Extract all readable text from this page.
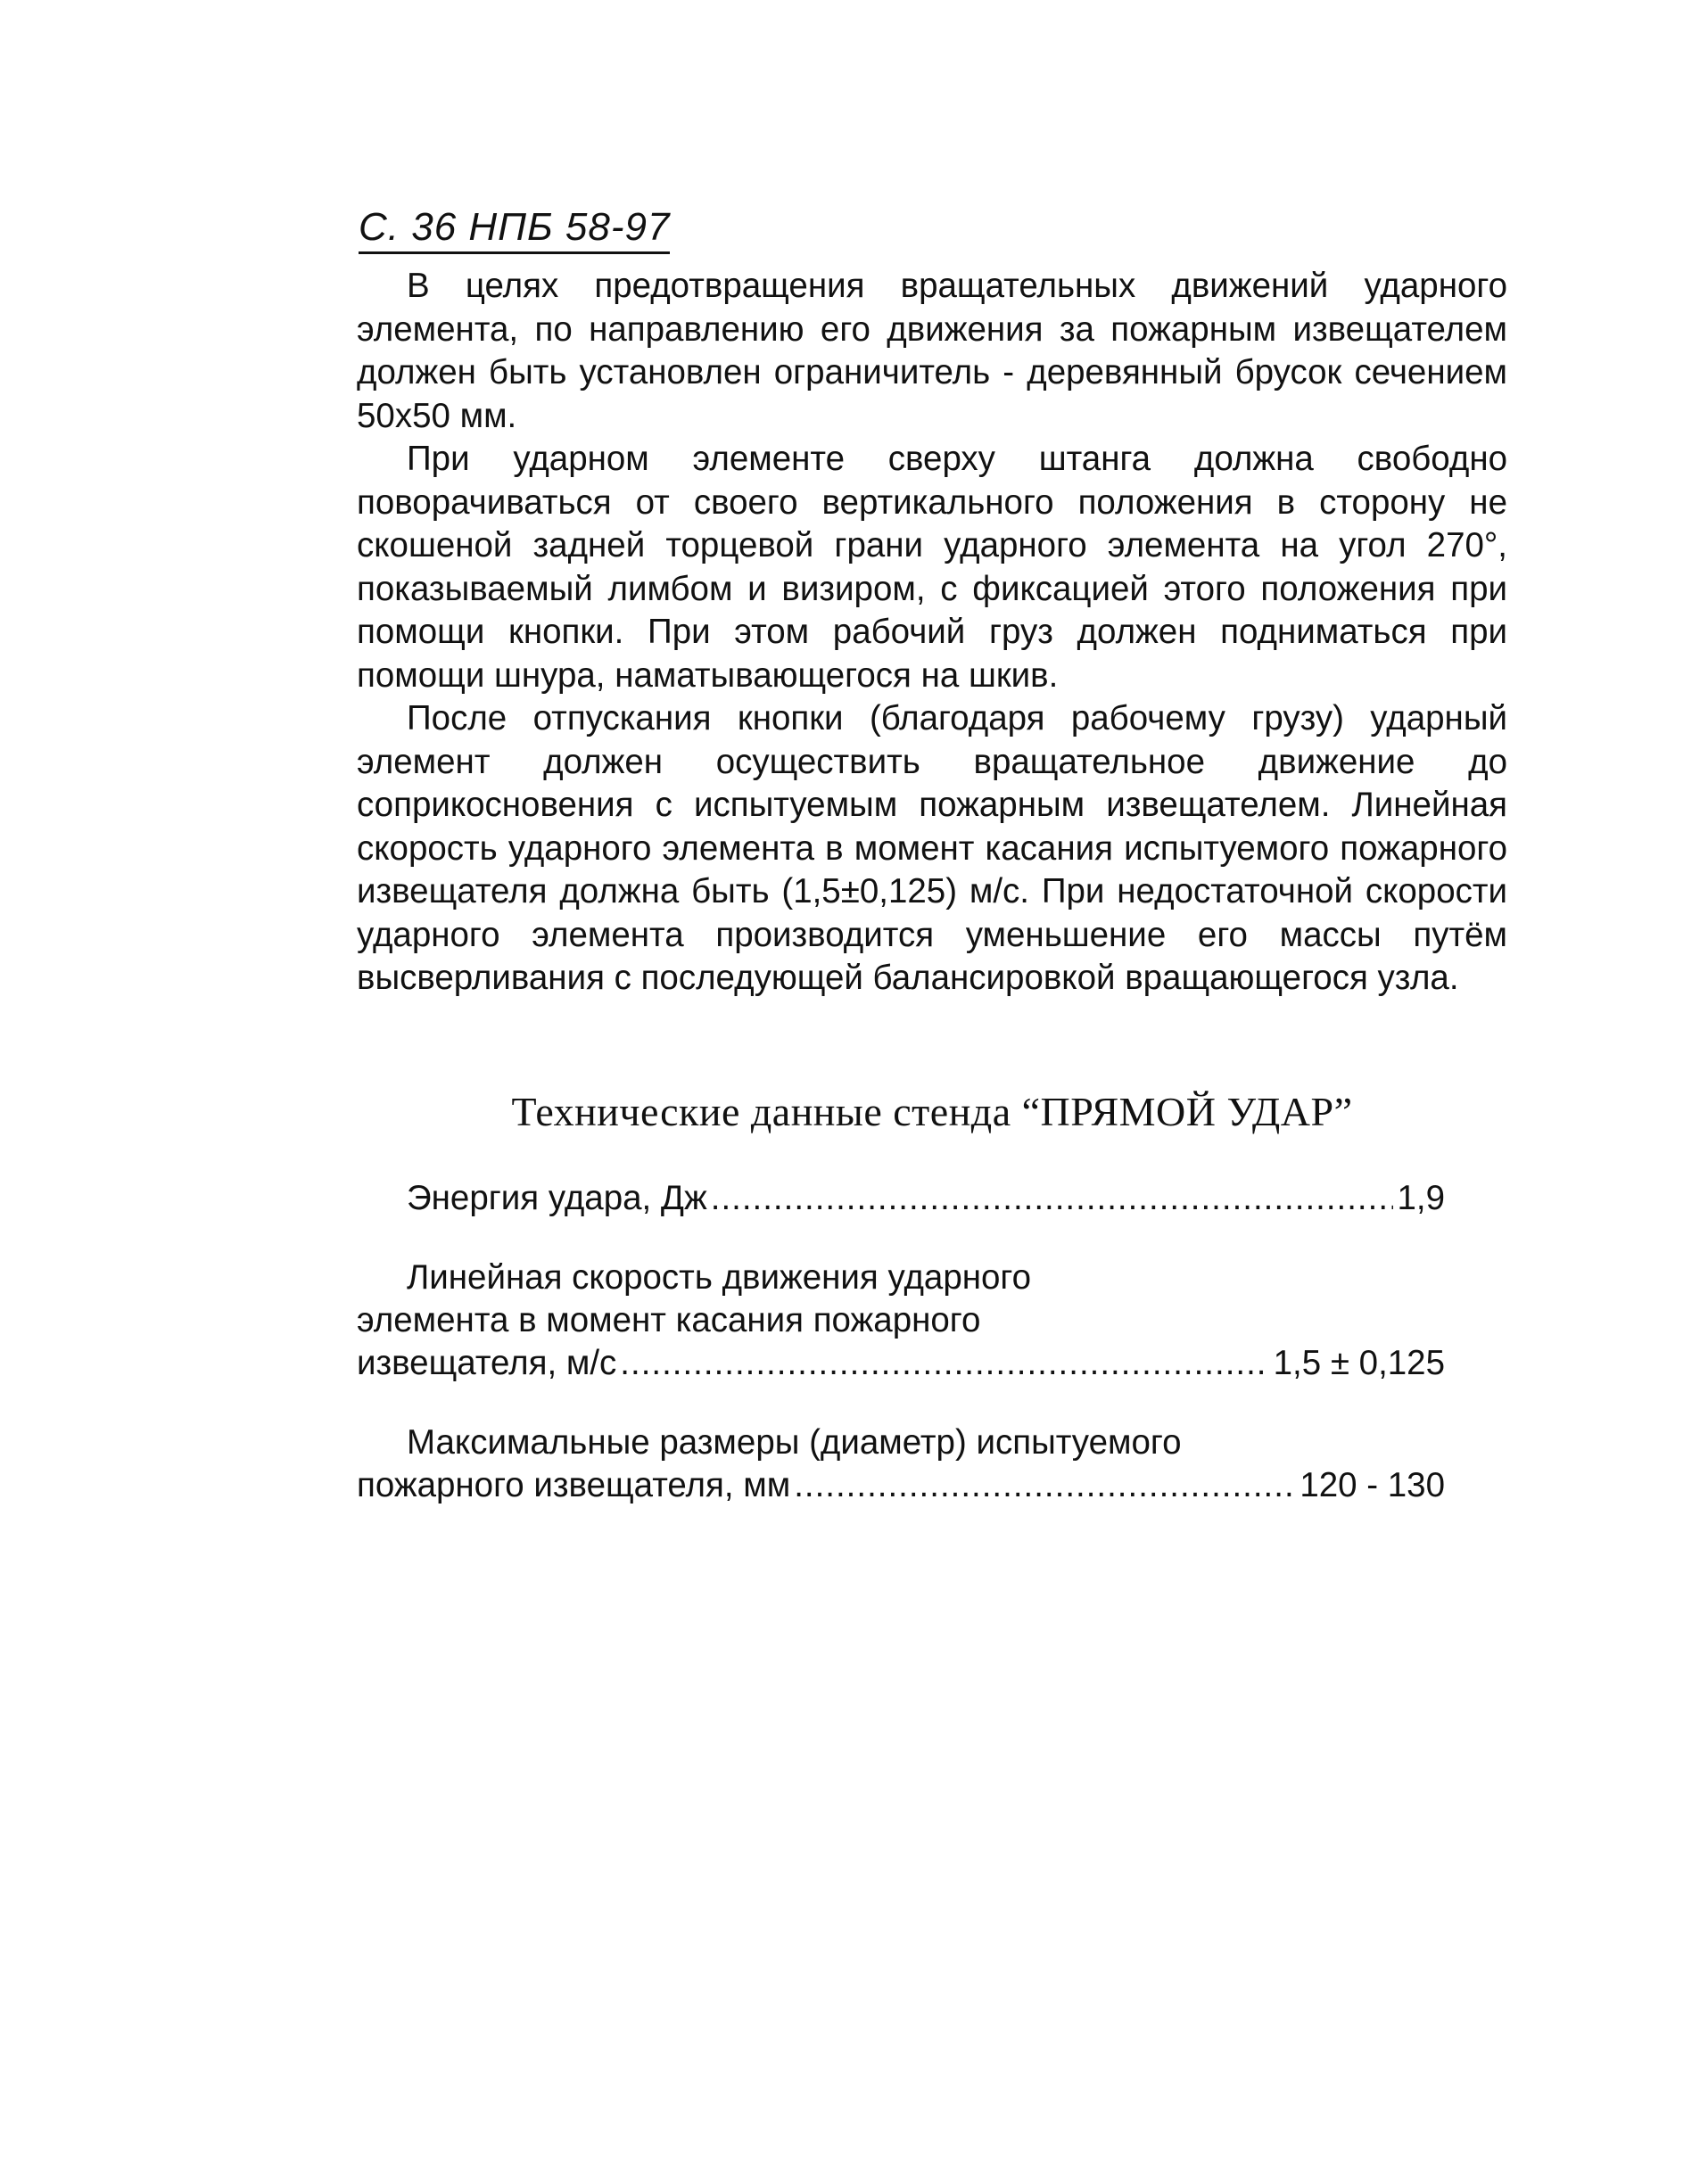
С. 36 НПБ 58-97

В целях предотвращения вращательных движений ударного элемента, по направлению его движения за пожарным извещателем должен быть установлен ограничитель - деревянный брусок сечением 50х50 мм.

При ударном элементе сверху штанга должна свободно поворачиваться от своего вертикального положения в сторону не скошеной задней торцевой грани ударного элемента на угол 270°, показываемый лимбом и визиром, с фиксацией этого положения при помощи кнопки. При этом рабочий груз должен подниматься при помощи шнура, наматывающегося на шкив.

После отпускания кнопки (благодаря рабочему грузу) ударный элемент должен осуществить вращательное движение до соприкосновения с испытуемым пожарным извещателем. Линейная скорость ударного элемента в момент касания испытуемого пожарного извещателя должна быть (1,5±0,125) м/с. При недостаточной скорости ударного элемента производится уменьшение его массы путём высверливания с последующей балансировкой вращающегося узла.

Технические данные стенда “ПРЯМОЙ УДАР”
Энергия удара, Дж .....	1,9
Линейная скорость движения ударного
элемента в момент касания пожарного
извещателя, м/с .....	1,5 ± 0,125
Максимальные размеры (диаметр) испытуемого
пожарного извещателя, мм .....	120 - 130
